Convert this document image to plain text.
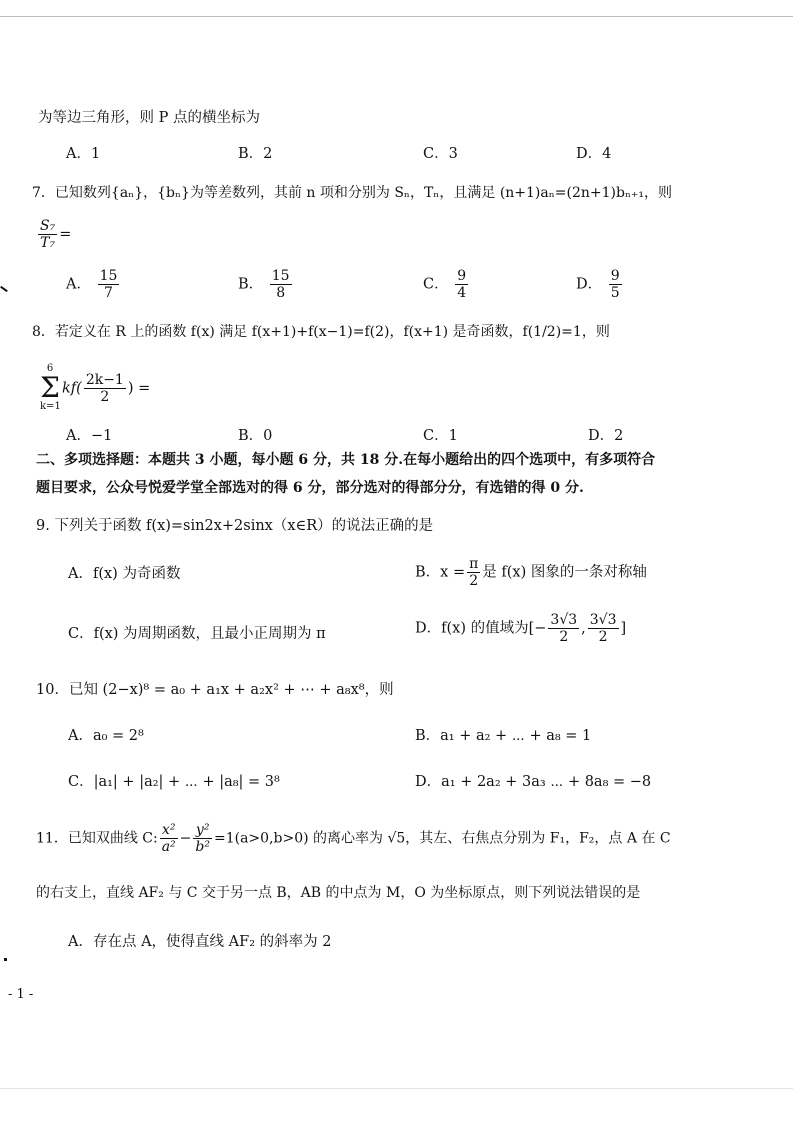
为等边三角形，则 P 点的横坐标为
A．1	B．2	C．3	D．4
7．已知数列{aₙ}，{bₙ}为等差数列，其前 n 项和分别为 Sₙ，Tₙ，且满足 (n+1)aₙ=(2n+1)bₙ₊₁，则
$\frac{\text{S₇}}{\text{T₇}}$ =
A． $\frac{15}{7}$	B． $\frac{15}{8}$	C． $\frac{9}{4}$	D． $\frac{9}{5}$
8．若定义在 R 上的函数 f(x) 满足 f(x+1)+f(x−1)=f(2)，f(x+1) 是奇函数，f(1/2)=1，则
6
Σ
k=1
$kf( \frac{2k-1}{2}$ ) =
A．−1	B．0	C．1	D．2
二、多项选择题：本题共 3 小题，每小题 6 分，共 18 分.在每小题给出的四个选项中，有多项符合
题目要求，公众号悦爱学堂全部选对的得 6 分，部分选对的得部分分，有选错的得 0 分.
9. 下列关于函数 f(x)=sin2x+2sinx（x∈R）的说法正确的是
A．f(x) 为奇函数	B．$x = \frac{\pi}{2}$ 是 f(x) 图象的一条对称轴
C．f(x) 为周期函数，且最小正周期为 π	D．f(x) 的值域为[− $\frac{3√3}{2}$ , $\frac{3√3}{2}$ ]
10．已知 (2−x)⁸ = a₀ + a₁x + a₂x² + ⋯ + a₈x⁸，则
A．a₀ = 2⁸	B．a₁ + a₂ + ⋯ + a₈ = 1
C．|a₁| + |a₂| + ⋯ + |a₈| = 3⁸	D．a₁ + 2a₂ + 3a₃ ⋯ + 8a₈ = −8
11．已知双曲线 C: $\frac{\text{x²}}{\text{a²}} - \frac{\text{y²}}{\text{b²}} =1(a>0,b>0)$ 的离心率为 √5，其左、右焦点分别为 F₁，F₂，点 A 在 C
的右支上，直线 AF₂ 与 C 交于另一点 B，AB 的中点为 M，O 为坐标原点，则下列说法错误的是
A．存在点 A，使得直线 AF₂ 的斜率为 2
- 1 -
